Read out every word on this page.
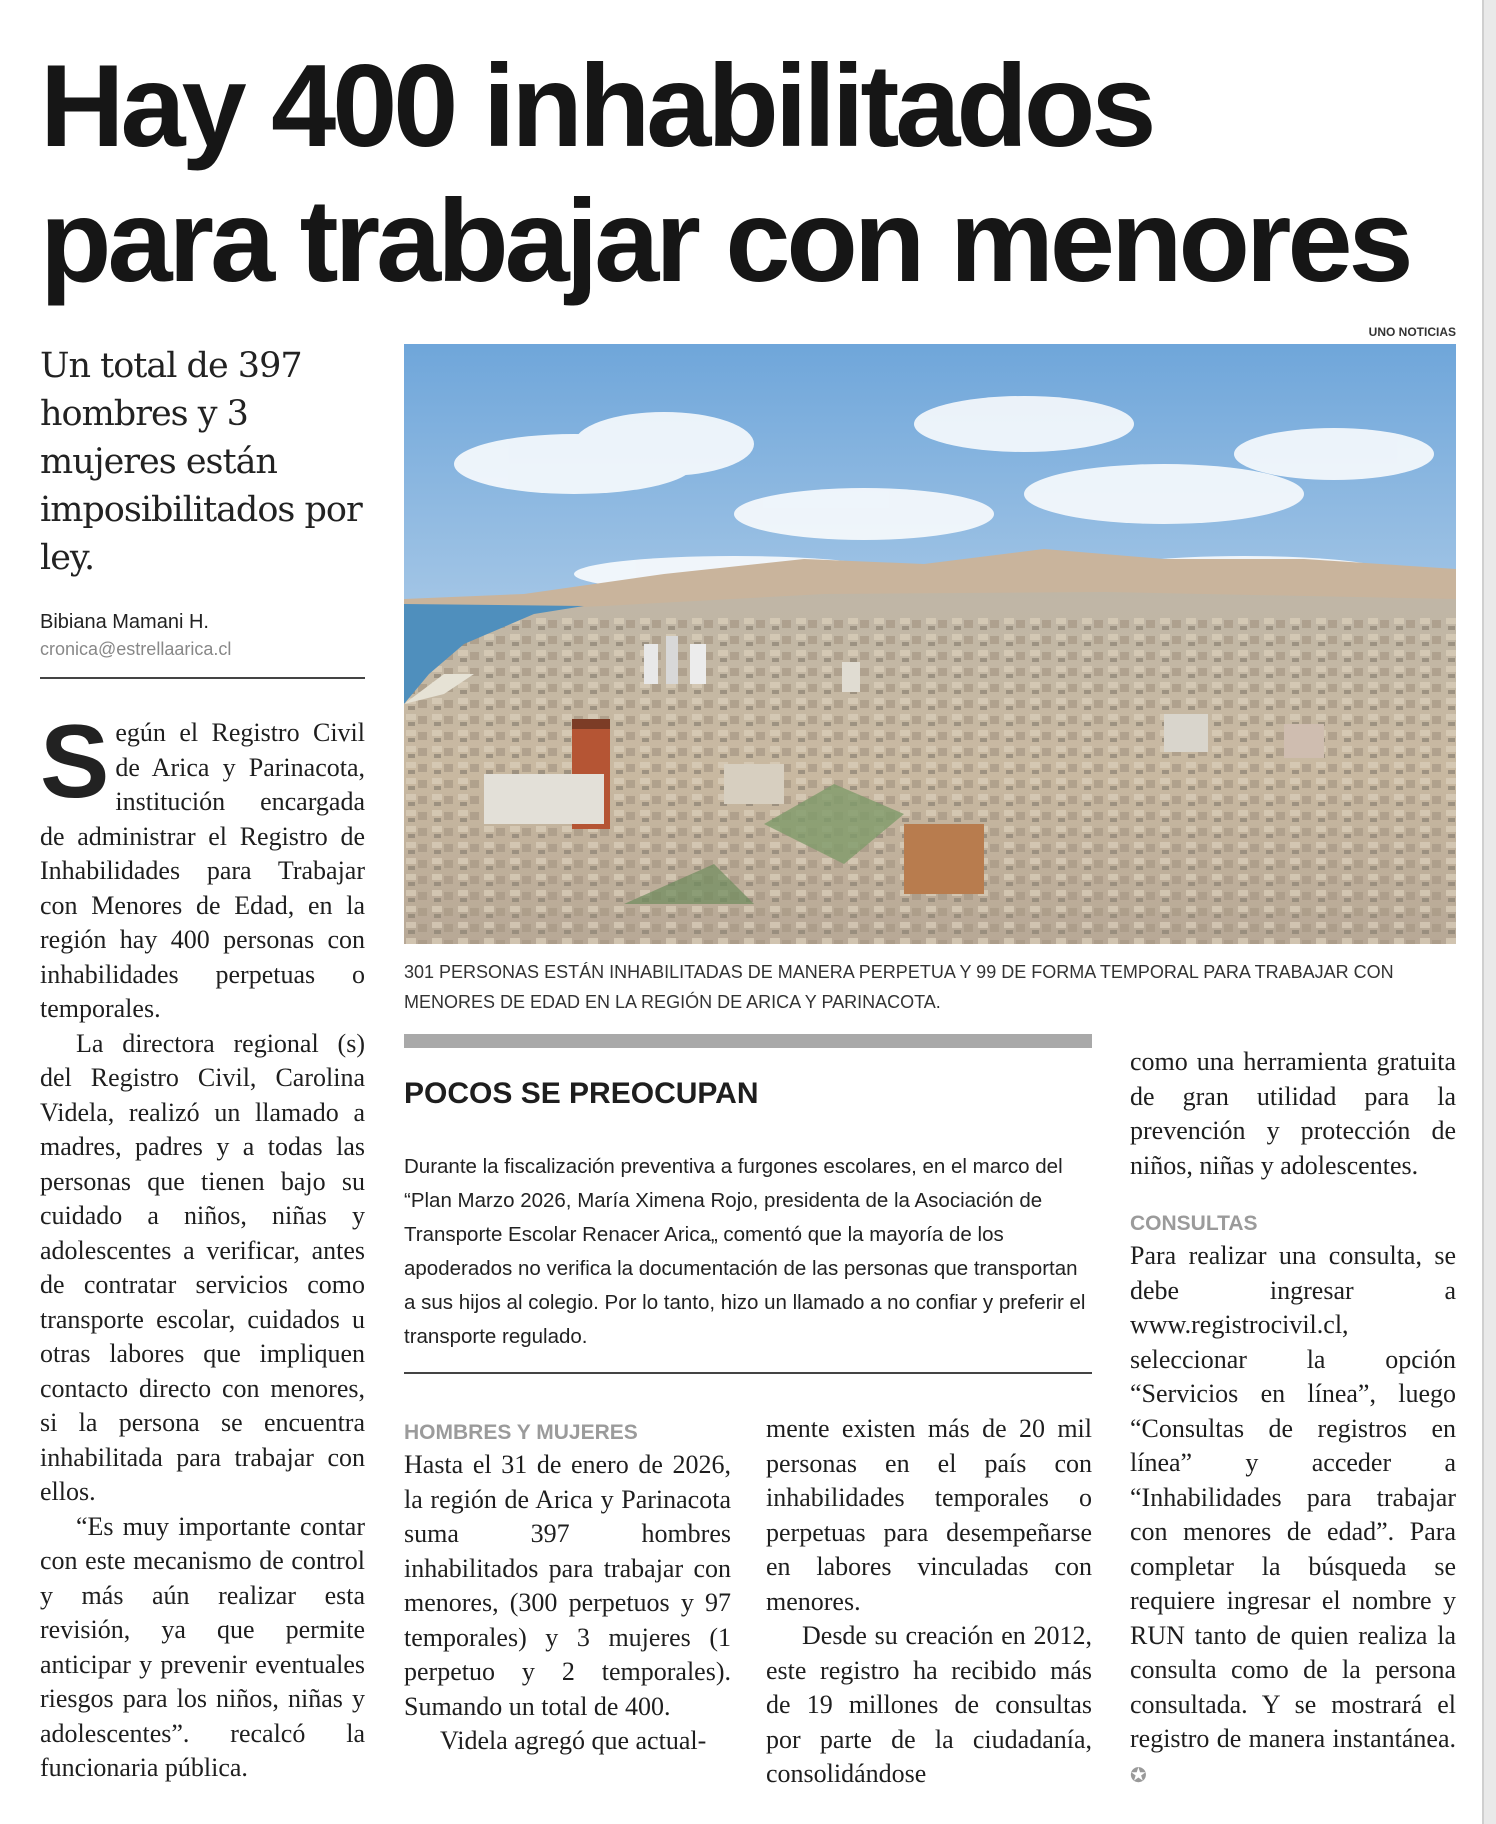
Hay 400 inhabilitados
para trabajar con menores

Un total de 397 hombres y 3 mujeres están imposibilitados por ley.

Bibiana Mamani H.

cronica@estrellaarica.cl

UNO NOTICIAS

301 PERSONAS ESTÁN INHABILITADAS DE MANERA PERPETUA Y 99 DE FORMA TEMPORAL PARA TRABAJAR CON MENORES DE EDAD EN LA REGIÓN DE ARICA Y PARINACOTA.

Según el Registro Civil de Arica y Parinacota, institución encargada de administrar el Registro de Inhabilidades para Trabajar con Menores de Edad, en la región hay 400 personas con inhabilidades perpetuas o temporales.

La directora regional (s) del Registro Civil, Carolina Videla, realizó un llamado a madres, padres y a todas las personas que tienen bajo su cuidado a niños, niñas y adolescentes a verificar, antes de contratar servicios como transporte escolar, cuidados u otras labores que impliquen contacto directo con menores, si la persona se encuentra inhabilitada para trabajar con ellos.

“Es muy importante contar con este mecanismo de control y más aún realizar esta revisión, ya que permite anticipar y prevenir eventuales riesgos para los niños, niñas y adolescentes”. recalcó la funcionaria pública.

POCOS SE PREOCUPAN

Durante la fiscalización preventiva a furgones escolares, en el marco del “Plan Marzo 2026, María Ximena Rojo, presidenta de la Asociación de Transporte Escolar Renacer Arica„ comentó que la mayoría de los apoderados no verifica la documentación de las personas que transportan a sus hijos al colegio. Por lo tanto, hizo un llamado a no confiar y preferir el transporte regulado.

HOMBRES Y MUJERES

Hasta el 31 de enero de 2026, la región de Arica y Parinacota suma 397 hombres inhabilitados para trabajar con menores, (300 perpetuos y 97 temporales) y 3 mujeres (1 perpetuo y 2 temporales). Sumando un total de 400.

Videla agregó que actual-

mente existen más de 20 mil personas en el país con inhabilidades temporales o perpetuas para desempeñarse en labores vinculadas con menores.

Desde su creación en 2012, este registro ha recibido más de 19 millones de consultas por parte de la ciudadanía, consolidándose

como una herramienta gratuita de gran utilidad para la prevención y protección de niños, niñas y adolescentes.

CONSULTAS

Para realizar una consulta, se debe ingresar a www.registrocivil.cl, seleccionar la opción “Servicios en línea”, luego “Consultas de registros en línea” y acceder a “Inhabilidades para trabajar con menores de edad”. Para completar la búsqueda se requiere ingresar el nombre y RUN tanto de quien realiza la consulta como de la persona consultada. Y se mostrará el registro de manera instantánea. ✪
